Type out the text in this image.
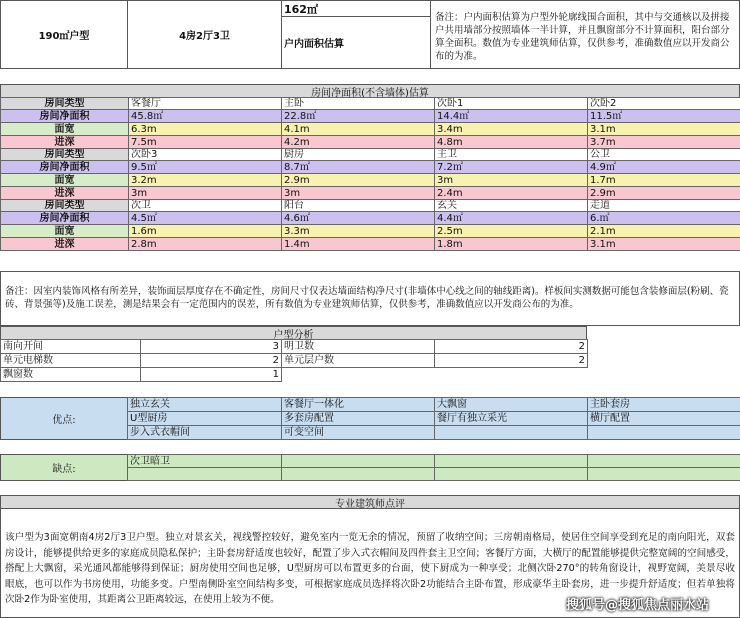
190㎡户型	4房2厅3卫
162㎡
户内面积估算
备注：户内面积估算为户型外轮廓线围合面积，其中与交通核以及拼接户共用墙部分按照墙体一半计算，并且飘窗部分不计算面积，阳台部分算全面积。数值为专业建筑师估算，仅供参考，准确数值应以开发商公布的为准。
房间净面积(不含墙体)估算
房间类型	客餐厅	主卧	次卧1	次卧2
房间净面积	45.8㎡	22.8㎡	14.4㎡	11.5㎡
面宽	6.3m	4.1m	3.4m	3.1m
进深	7.5m	4.2m	4.8m	3.7m
房间类型	次卧3	厨房	主卫	公卫
房间净面积	9.5㎡	8.7㎡	7.2㎡	4.9㎡
面宽	3.2m	2.9m	3m	1.7m
进深	3m	3m	2.4m	2.9m
房间类型	次卫	阳台	玄关	走道
房间净面积	4.5㎡	4.6㎡	4.4㎡	6.㎡
面宽	1.6m	3.3m	2.5m	2.1m
进深	2.8m	1.4m	1.8m	3.1m
备注：因室内装饰风格有所差异，装饰面层厚度存在不确定性，房间尺寸仅表达墙面结构净尺寸(非墙体中心线之间的轴线距离)。样板间实测数据可能包含装修面层(粉刷、瓷砖、背景强等)及施工误差，测是结果会有一定范围内的误差，所有数值为专业建筑师估算，仅供参考，准确数值应以开发商公布的为准。
户型分析
南向开间	3	明卫数	2
单元电梯数	2	单元层户数	2
飘窗数	1		
优点:
独立玄关	客餐厅一体化	大飘窗	主卧套房
U型厨房	多套房配置	餐厅有独立采光	横厅配置
步入式衣帽间	可变空间		
缺点:
次卫暗卫			

专业建筑师点评
该户型为3面宽朝南4房2厅3卫户型。独立对景玄关，视线警控较好，避免室内一览无余的情况，预留了收纳空间；三房朝南格局，使居住空间享受到充足的南向阳光，双套房设计，能够提供给更多的家庭成员隐私保护；主卧套房舒适度也较好，配置了步入式衣帽间及四件套主卫空间；客餐厅方面，大横厅的配置能够提供完整宽阔的空间感受，搭配上大飘窗，采光通风都能够得到保证；厨房使用空间也足够，U型厨房可以布置更多的台面，使下厨成为一种享受；北侧次卧270°的转角窗设计，视野宽阔，美景尽收眼底，也可以作为书房使用，功能多变。户型南侧卧室空间结构多变，可根据家庭成员选择将次卧2功能结合主卧布置，形成豪华主卧套房，进一步提升舒适度；但若单独将次卧2作为卧室使用，其距离公卫距离较远，在使用上较为不便。	搜狐号@搜狐焦点丽水站
